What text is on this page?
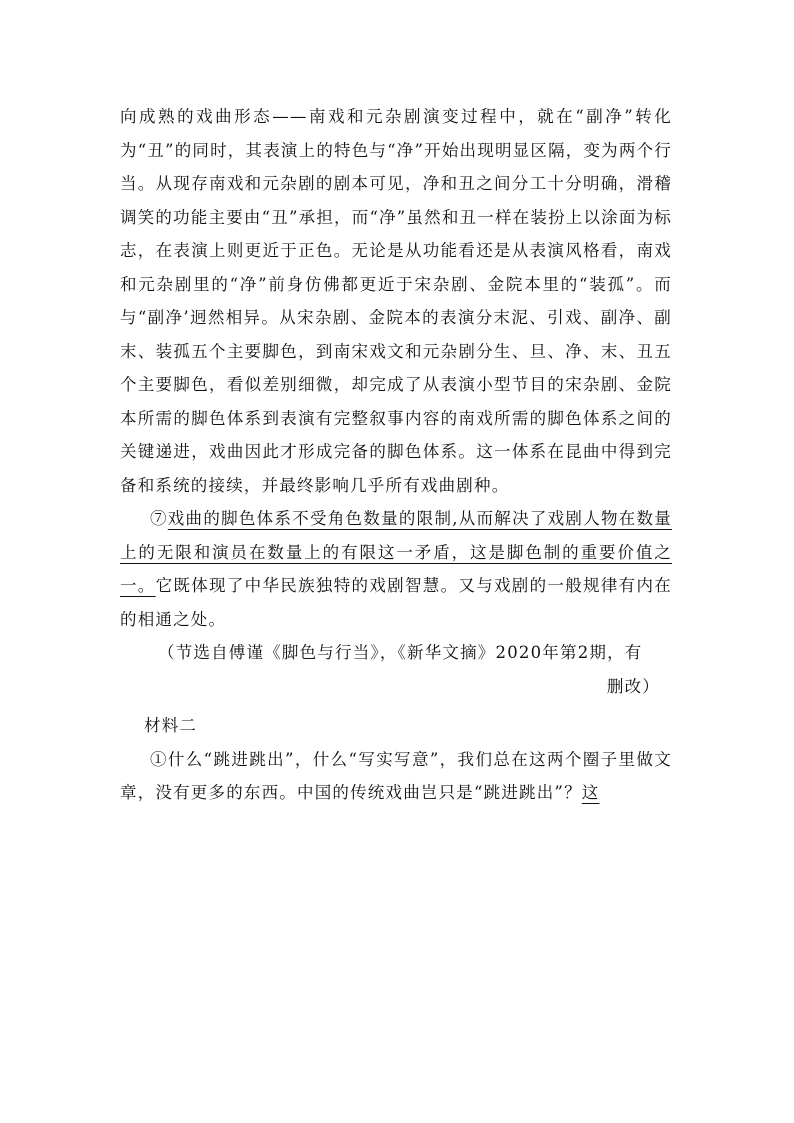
向成熟的戏曲形态——南戏和元杂剧演变过程中，就在“副净”转化为“丑”的同时，其表演上的特色与“净”开始出现明显区隔，变为两个行当。从现存南戏和元杂剧的剧本可见，净和丑之间分工十分明确，滑稽调笑的功能主要由“丑”承担，而“净”虽然和丑一样在装扮上以涂面为标志，在表演上则更近于正色。无论是从功能看还是从表演风格看，南戏和元杂剧里的“净”前身仿佛都更近于宋杂剧、金院本里的“装孤”。而与“副净’迥然相异。从宋杂剧、金院本的表演分末泥、引戏、副净、副末、装孤五个主要脚色，到南宋戏文和元杂剧分生、旦、净、末、丑五个主要脚色，看似差别细微，却完成了从表演小型节目的宋杂剧、金院本所需的脚色体系到表演有完整叙事内容的南戏所需的脚色体系之间的关键递进，戏曲因此才形成完备的脚色体系。这一体系在昆曲中得到完备和系统的接续，并最终影响几乎所有戏曲剧种。

⑦戏曲的脚色体系不受角色数量的限制,从而解决了戏剧人物在数量上的无限和演员在数量上的有限这一矛盾，这是脚色制的重要价值之一。它既体现了中华民族独特的戏剧智慧。又与戏剧的一般规律有内在的相通之处。

（节选自傅谨《脚色与行当》，《新华文摘》2020年第2期，有

删改）

材料二

①什么“跳进跳出”，什么“写实写意”，我们总在这两个圈子里做文章，没有更多的东西。中国的传统戏曲岂只是“跳进跳出”？这
